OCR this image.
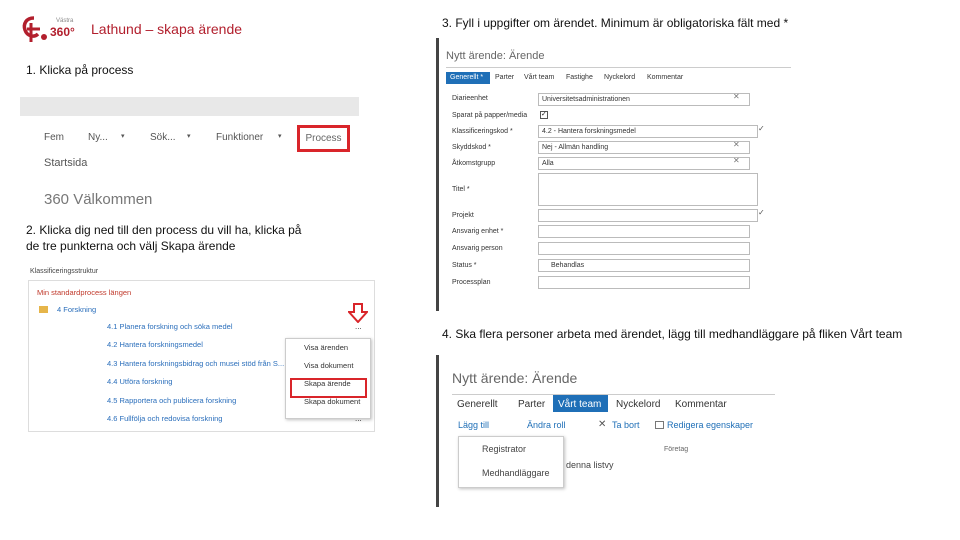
Västra
360° Lathund – skapa ärende
1. Klicka på process
Fem Ny... ▾	Sök... ▾	Funktioner ▾	Process
Startsida
360 Välkommen
2. Klicka dig ned till den process du vill ha, klicka på
de tre punkterna och välj Skapa ärende
Klassificeringsstruktur
Min standardprocess längen
4 Forskning
4.1 Planera forskning och söka medel
4.2 Hantera forskningsmedel
4.3 Hantera forskningsbidrag och musei stöd från S...
4.4 Utföra forskning
4.5 Rapportera och publicera forskning
4.6 Fullfölja och redovisa forskning
...
Visa ärenden
Visa dokument
Skapa ärende
Skapa dokument
3. Fyll i uppgifter om ärendet. Minimum är obligatoriska fält med *
Nytt ärende: Ärende
Generellt * Parter Vårt team Fastighe Nyckelord Kommentar
Diarieenhet	Universitetsadministrationen
Sparat på papper/media ✓
Klassificeringskod *	4.2 - Hantera forskningsmedel
Skyddskod *	Nej - Allmän handling
Åtkomstgrupp	Alla
Titel *
Projekt
Ansvarig enhet *
Ansvarig person
Status *	Behandlas
Processplan
✕
✕
✕
✓
✓
4. Ska flera personer arbeta med ärendet, lägg till medhandläggare på fliken Vårt team
Nytt ärende: Ärende
Generellt Parter Vårt team Nyckelord Kommentar
Lägg till	Ändra roll	✕ Ta bort	Redigera egenskaper
Företag
denna listvy
Registrator
Medhandläggare
